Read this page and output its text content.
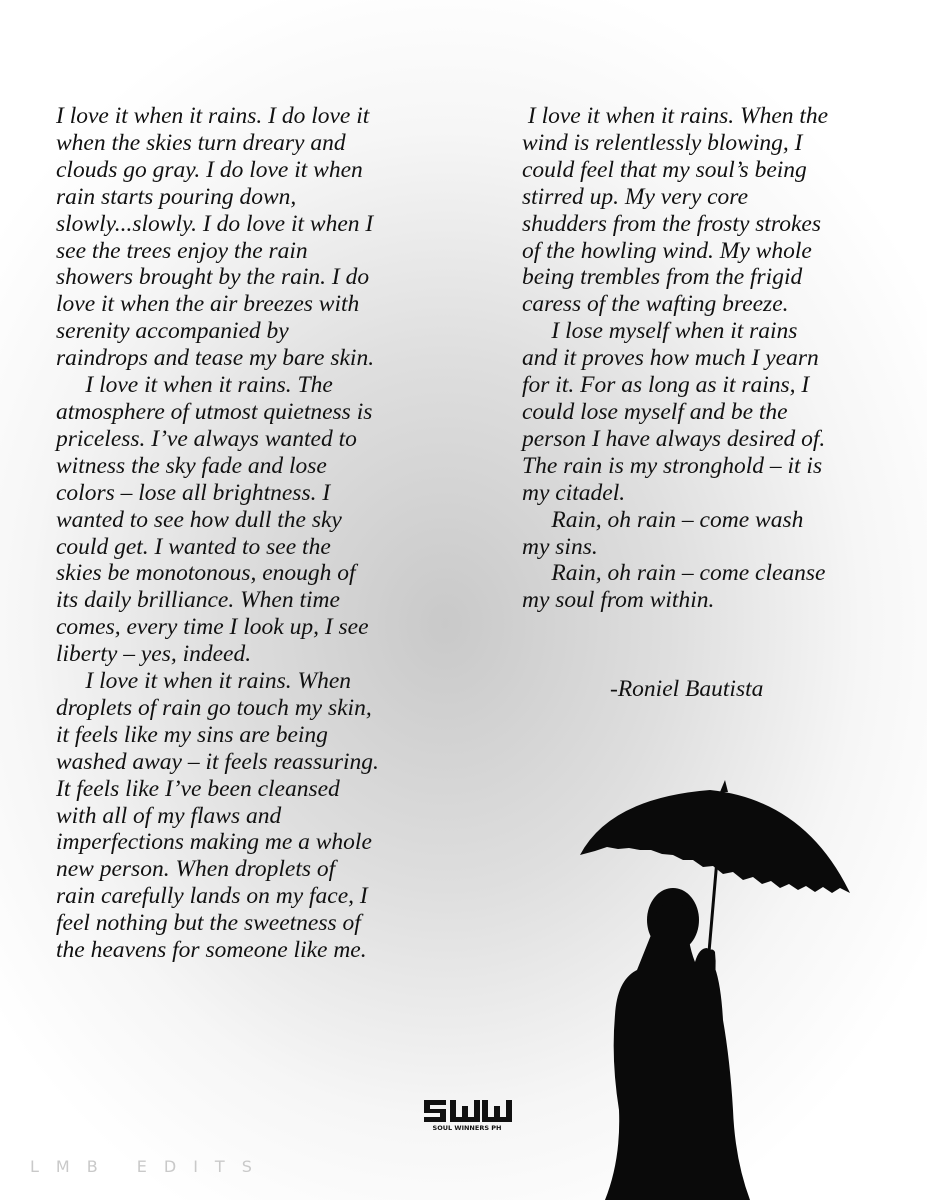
I love it when it rains. I do love it
when the skies turn dreary and
clouds go gray. I do love it when
rain starts pouring down,
slowly...slowly. I do love it when I
see the trees enjoy the rain
showers brought by the rain. I do
love it when the air breezes with
serenity accompanied by
raindrops and tease my bare skin.

I love it when it rains. The
atmosphere of utmost quietness is
priceless. I’ve always wanted to
witness the sky fade and lose
colors – lose all brightness. I
wanted to see how dull the sky
could get. I wanted to see the
skies be monotonous, enough of
its daily brilliance. When time
comes, every time I look up, I see
liberty – yes, indeed.

I love it when it rains. When
droplets of rain go touch my skin,
it feels like my sins are being
washed away – it feels reassuring.
It feels like I’ve been cleansed
with all of my flaws and
imperfections making me a whole
new person. When droplets of
rain carefully lands on my face, I
feel nothing but the sweetness of
the heavens for someone like me.

I love it when it rains. When the
wind is relentlessly blowing, I
could feel that my soul’s being
stirred up. My very core
shudders from the frosty strokes
of the howling wind. My whole
being trembles from the frigid
caress of the wafting breeze.

I lose myself when it rains
and it proves how much I yearn
for it. For as long as it rains, I
could lose myself and be the
person I have always desired of.
The rain is my stronghold – it is
my citadel.

Rain, oh rain – come wash
my sins.

Rain, oh rain – come cleanse
my soul from within.

-Roniel Bautista
SOUL WINNERS PH
LMB EDITS
